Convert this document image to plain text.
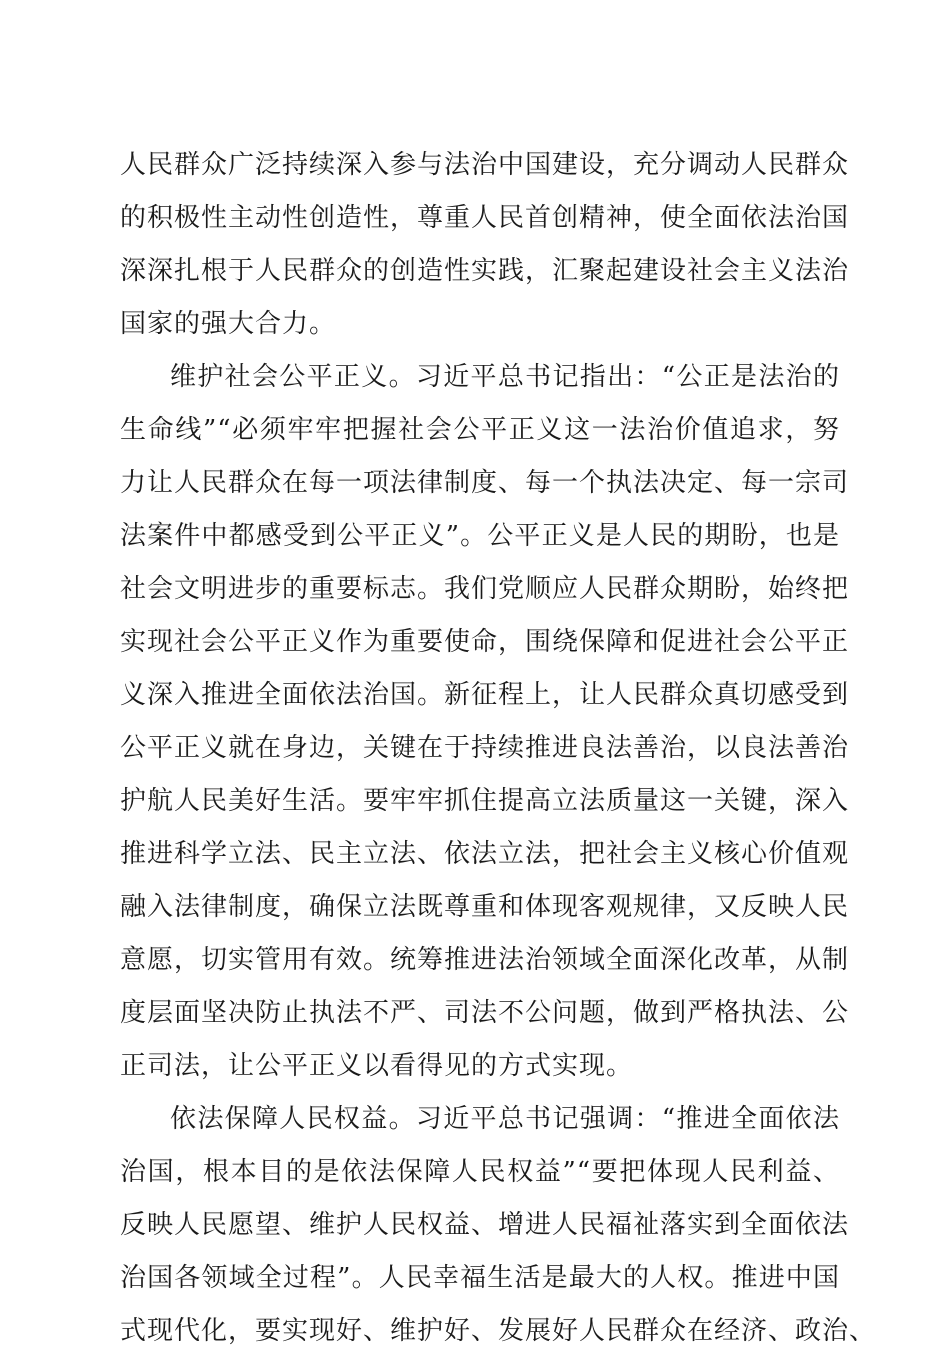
人民群众广泛持续深入参与法治中国建设，充分调动人民群众
的积极性主动性创造性，尊重人民首创精神，使全面依法治国
深深扎根于人民群众的创造性实践，汇聚起建设社会主义法治
国家的强大合力。
维护社会公平正义。习近平总书记指出：“公正是法治的
生命线”“必须牢牢把握社会公平正义这一法治价值追求，努
力让人民群众在每一项法律制度、每一个执法决定、每一宗司
法案件中都感受到公平正义”。公平正义是人民的期盼，也是
社会文明进步的重要标志。我们党顺应人民群众期盼，始终把
实现社会公平正义作为重要使命，围绕保障和促进社会公平正
义深入推进全面依法治国。新征程上，让人民群众真切感受到
公平正义就在身边，关键在于持续推进良法善治，以良法善治
护航人民美好生活。要牢牢抓住提高立法质量这一关键，深入
推进科学立法、民主立法、依法立法，把社会主义核心价值观
融入法律制度，确保立法既尊重和体现客观规律，又反映人民
意愿，切实管用有效。统筹推进法治领域全面深化改革，从制
度层面坚决防止执法不严、司法不公问题，做到严格执法、公
正司法，让公平正义以看得见的方式实现。
依法保障人民权益。习近平总书记强调：“推进全面依法
治国，根本目的是依法保障人民权益”“要把体现人民利益、
反映人民愿望、维护人民权益、增进人民福祉落实到全面依法
治国各领域全过程”。人民幸福生活是最大的人权。推进中国
式现代化，要实现好、维护好、发展好人民群众在经济、政治、
